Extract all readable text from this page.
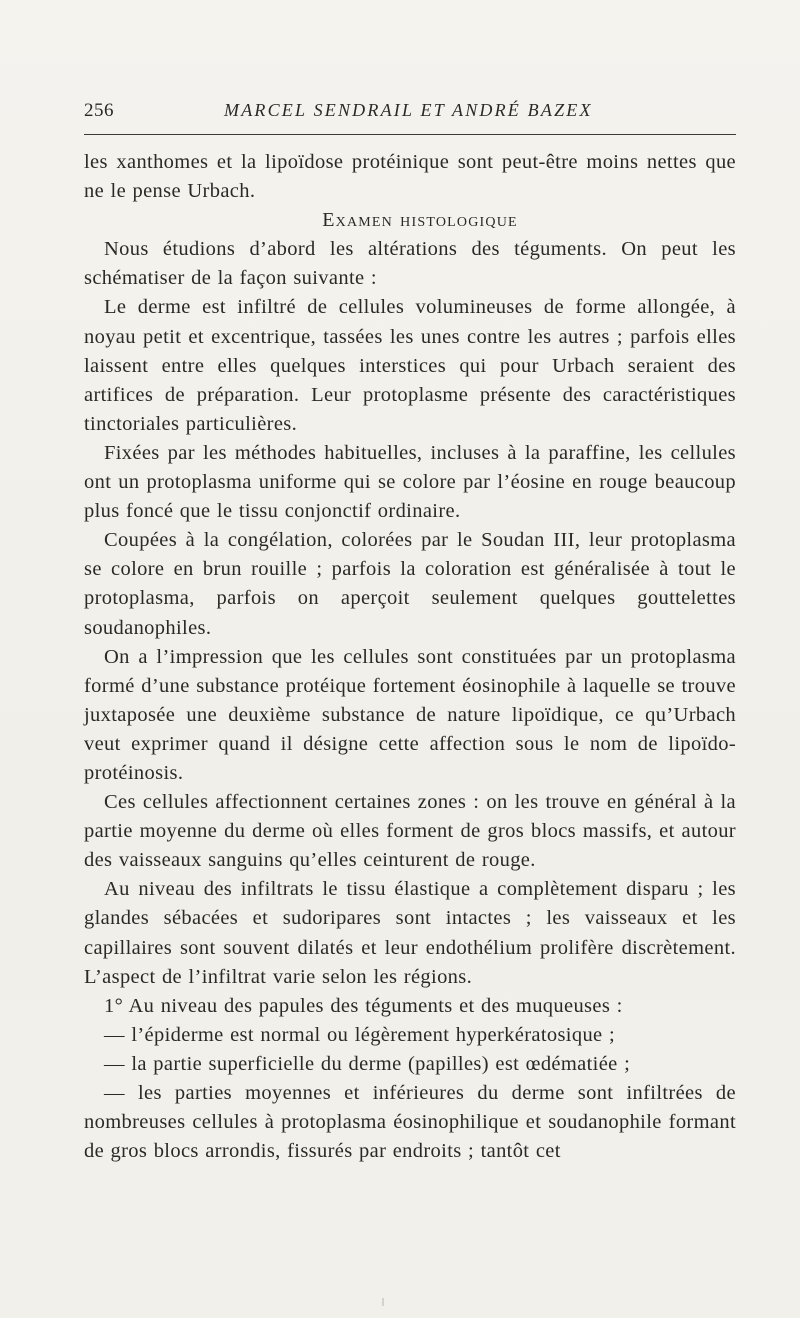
256	MARCEL SENDRAIL ET ANDRÉ BAZEX

les xanthomes et la lipoïdose protéinique sont peut-être moins nettes que ne le pense Urbach.

Examen histologique

Nous étudions d’abord les altérations des téguments. On peut les schématiser de la façon suivante :

Le derme est infiltré de cellules volumineuses de forme allongée, à noyau petit et excentrique, tassées les unes contre les autres ; parfois elles laissent entre elles quelques interstices qui pour Urbach seraient des artifices de préparation. Leur protoplasme présente des caractéristiques tinctoriales particulières.

Fixées par les méthodes habituelles, incluses à la paraffine, les cellules ont un protoplasma uniforme qui se colore par l’éosine en rouge beaucoup plus foncé que le tissu conjonctif ordinaire.

Coupées à la congélation, colorées par le Soudan III, leur protoplasma se colore en brun rouille ; parfois la coloration est généralisée à tout le protoplasma, parfois on aperçoit seulement quelques gouttelettes soudanophiles.

On a l’impression que les cellules sont constituées par un protoplasma formé d’une substance protéique fortement éosinophile à laquelle se trouve juxtaposée une deuxième substance de nature lipoïdique, ce qu’Urbach veut exprimer quand il désigne cette affection sous le nom de lipoïdo-protéinosis.

Ces cellules affectionnent certaines zones : on les trouve en général à la partie moyenne du derme où elles forment de gros blocs massifs, et autour des vaisseaux sanguins qu’elles ceinturent de rouge.

Au niveau des infiltrats le tissu élastique a complètement disparu ; les glandes sébacées et sudoripares sont intactes ; les vaisseaux et les capillaires sont souvent dilatés et leur endothélium prolifère discrètement. L’aspect de l’infiltrat varie selon les régions.

1° Au niveau des papules des téguments et des muqueuses :

— l’épiderme est normal ou légèrement hyperkératosique ;

— la partie superficielle du derme (papilles) est œdématiée ;

— les parties moyennes et inférieures du derme sont infiltrées de nombreuses cellules à protoplasma éosinophilique et soudanophile formant de gros blocs arrondis, fissurés par endroits ; tantôt cet
